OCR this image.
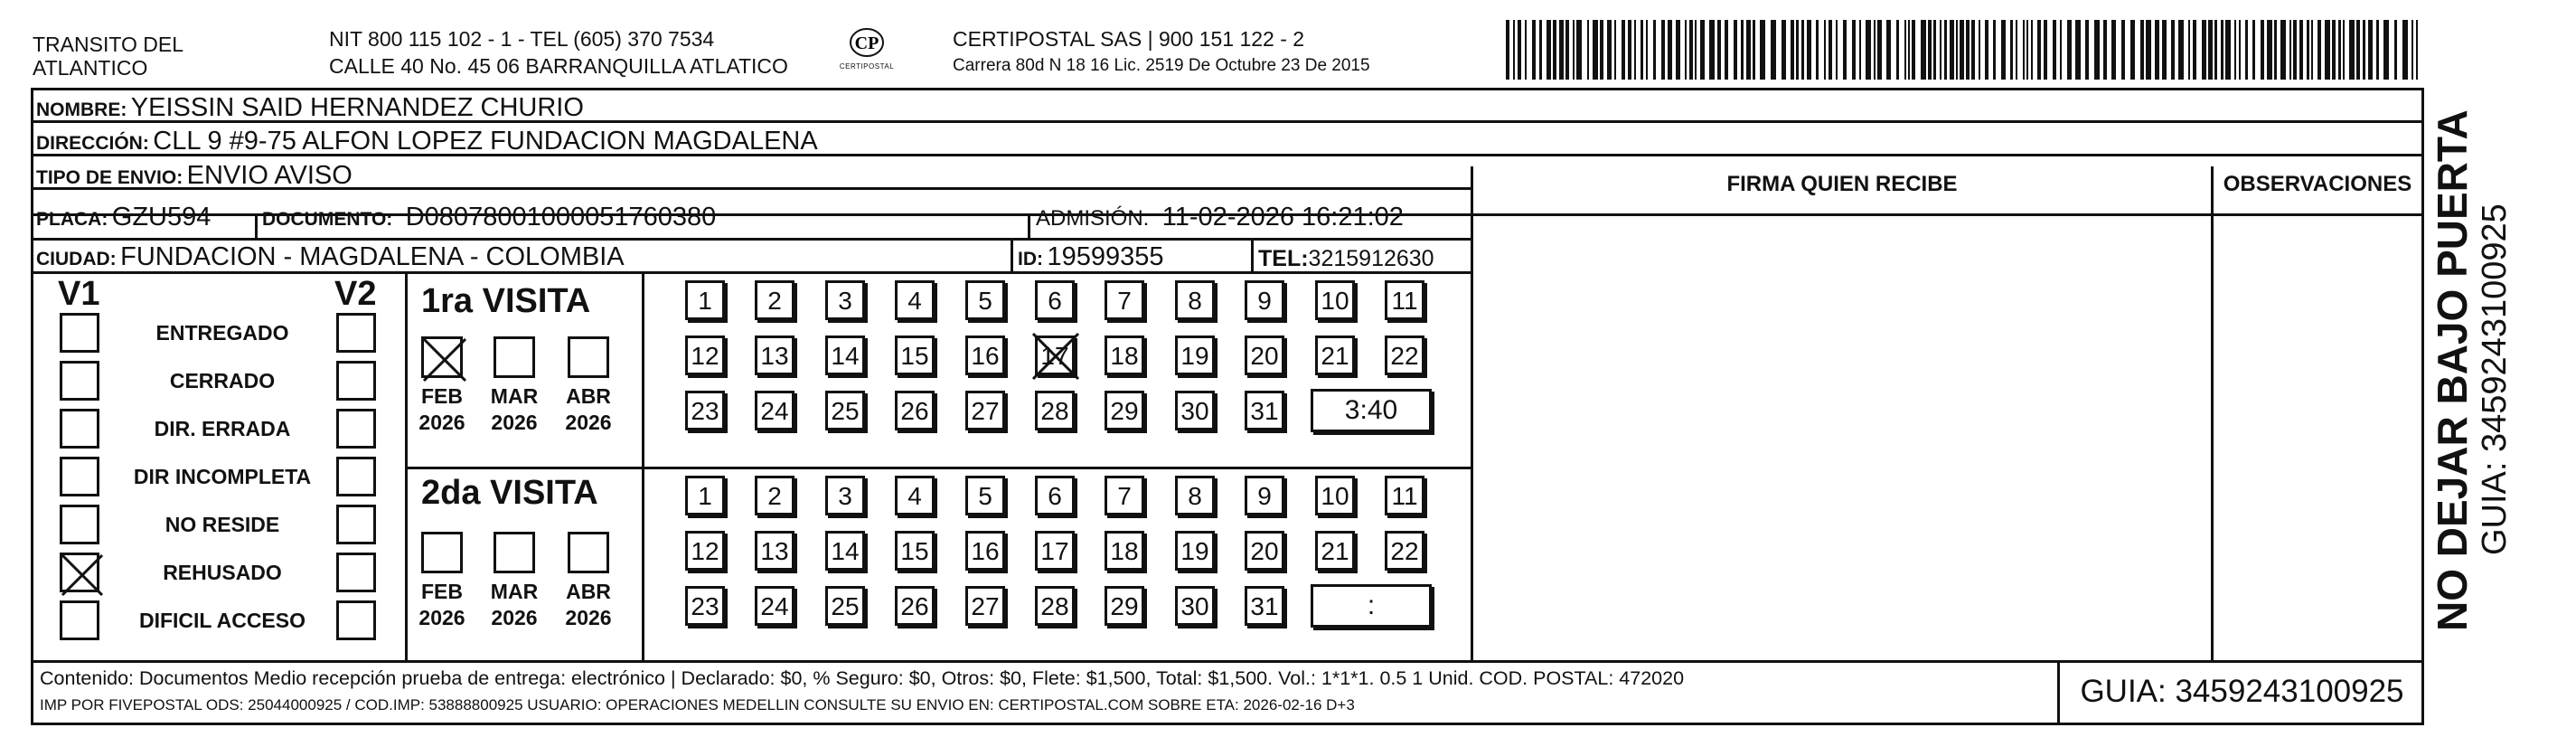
TRANSITO DEL
ATLANTICO
NIT 800 115 102 - 1 - TEL (605) 370 7534
CALLE 40 No. 45 06 BARRANQUILLA ATLATICO
CP
CERTIPOSTAL
CERTIPOSTAL SAS | 900 151 122 - 2
Carrera 80d N 18 16 Lic. 2519 De Octubre 23 De 2015
NOMBRE: YEISSIN SAID HERNANDEZ CHURIO
DIRECCIÓN: CLL 9 #9-75 ALFON LOPEZ FUNDACION MAGDALENA
TIPO DE ENVIO: ENVIO AVISO	FIRMA QUIEN RECIBE	OBSERVACIONES
PLACA: GZU594	DOCUMENTO: D08078001000051760380	ADMISIÓN: 11-02-2026 16:21:02
CIUDAD: FUNDACION - MAGDALENA - COLOMBIA	ID: 19599355	TEL:3215912630
V1	V2
ENTREGADO
CERRADO
DIR. ERRADA
DIR INCOMPLETA
NO RESIDE
REHUSADO
DIFICIL ACCESO
1ra VISITA
2da VISITA
FEB
2026
MAR
2026
ABR
2026
1	2	3	4	5	6	7	8	9	10 11
12 13 14 15 16 17 18 19 20 21 22
23 24 25 26 27 28 29 30 31	3:40
FEB
2026
MAR
2026
ABR
2026
1	2	3	4	5	6	7	8	9	10 11
12 13 14 15 16 17 18 19 20 21 22
23 24 25 26 27 28 29 30 31	:
Contenido: Documentos Medio recepción prueba de entrega: electrónico | Declarado: $0, % Seguro: $0, Otros: $0, Flete: $1,500, Total: $1,500. Vol.: 1*1*1. 0.5 1 Unid. COD. POSTAL: 472020
IMP POR FIVEPOSTAL ODS: 25044000925 / COD.IMP: 53888800925 USUARIO: OPERACIONES MEDELLIN CONSULTE SU ENVIO EN: CERTIPOSTAL.COM SOBRE ETA: 2026-02-16 D+3	GUIA: 3459243100925
NO DEJAR BAJO PUERTA GUIA: 3459243100925
